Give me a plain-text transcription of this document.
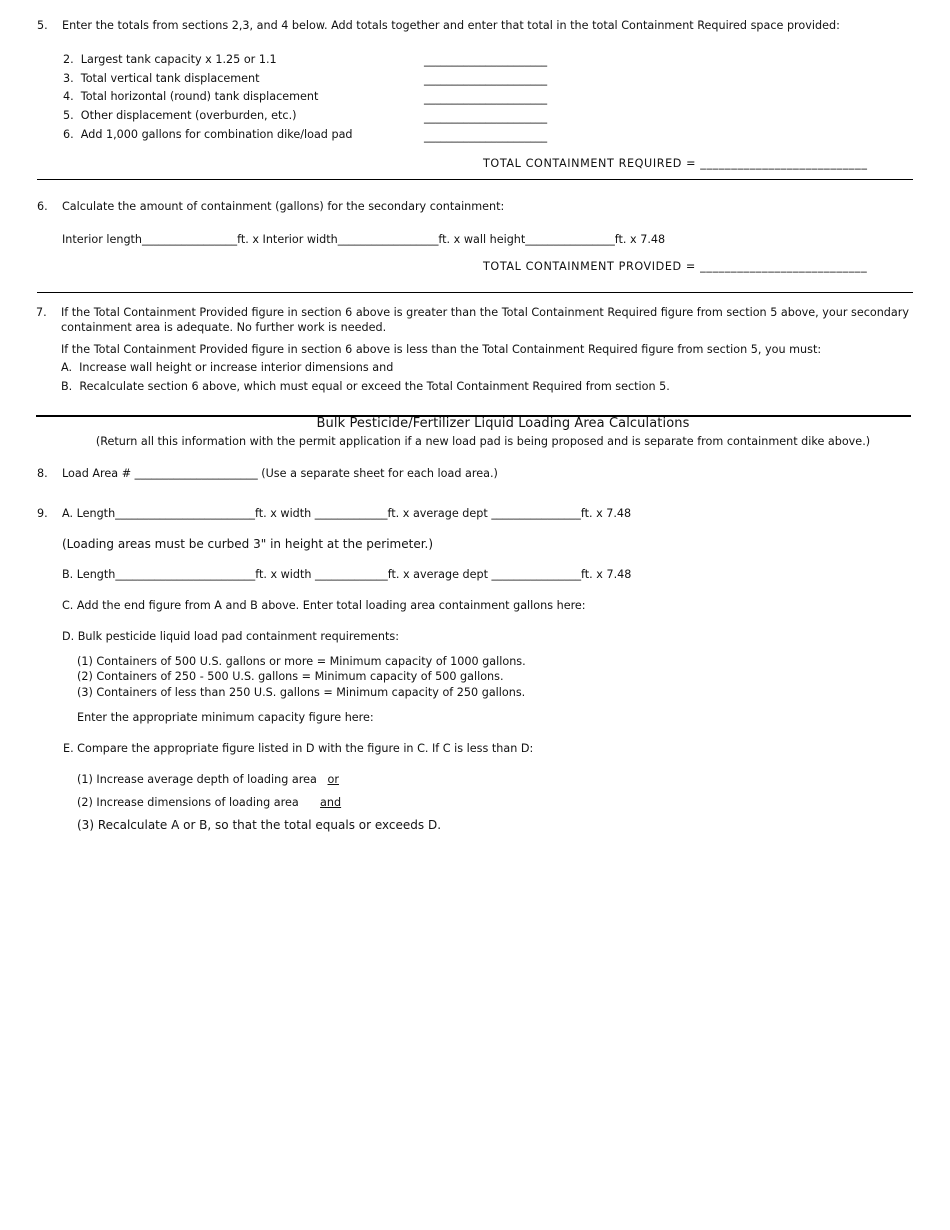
5. Enter the totals from sections 2,3, and 4 below. Add totals together and enter that total in the total Containment Required space provided:
2.  Largest tank capacity x 1.25 or 1.1	______________________
3.  Total vertical tank displacement	______________________
4.  Total horizontal (round) tank displacement	______________________
5.  Other displacement (overburden, etc.)	______________________
6.  Add 1,000 gallons for combination dike/load pad	______________________
TOTAL CONTAINMENT REQUIRED = ___________________________
6. Calculate the amount of containment (gallons) for the secondary containment:
Interior length_________________ft. x Interior width__________________ft. x wall height________________ft. x 7.48
TOTAL CONTAINMENT PROVIDED = ___________________________
7. If the Total Containment Provided figure in section 6 above is greater than the Total Containment Required figure from section 5 above, your secondary
containment area is adequate. No further work is needed.
If the Total Containment Provided figure in section 6 above is less than the Total Containment Required figure from section 5, you must:
A.  Increase wall height or increase interior dimensions and
B.  Recalculate section 6 above, which must equal or exceed the Total Containment Required from section 5.
Bulk Pesticide/Fertilizer Liquid Loading Area Calculations
(Return all this information with the permit application if a new load pad is being proposed and is separate from containment dike above.)
8. Load Area # ______________________ (Use a separate sheet for each load area.)
9. A. Length_________________________ft. x width _____________ft. x average dept ________________ft. x 7.48
(Loading areas must be curbed 3" in height at the perimeter.)
B. Length_________________________ft. x width _____________ft. x average dept ________________ft. x 7.48
C. Add the end figure from A and B above. Enter total loading area containment gallons here:
D. Bulk pesticide liquid load pad containment requirements:
(1) Containers of 500 U.S. gallons or more = Minimum capacity of 1000 gallons.
(2) Containers of 250 - 500 U.S. gallons = Minimum capacity of 500 gallons.
(3) Containers of less than 250 U.S. gallons = Minimum capacity of 250 gallons.
Enter the appropriate minimum capacity figure here:
E. Compare the appropriate figure listed in D with the figure in C. If C is less than D:
(1) Increase average depth of loading area or
(2) Increase dimensions of loading area and
(3) Recalculate A or B, so that the total equals or exceeds D.
